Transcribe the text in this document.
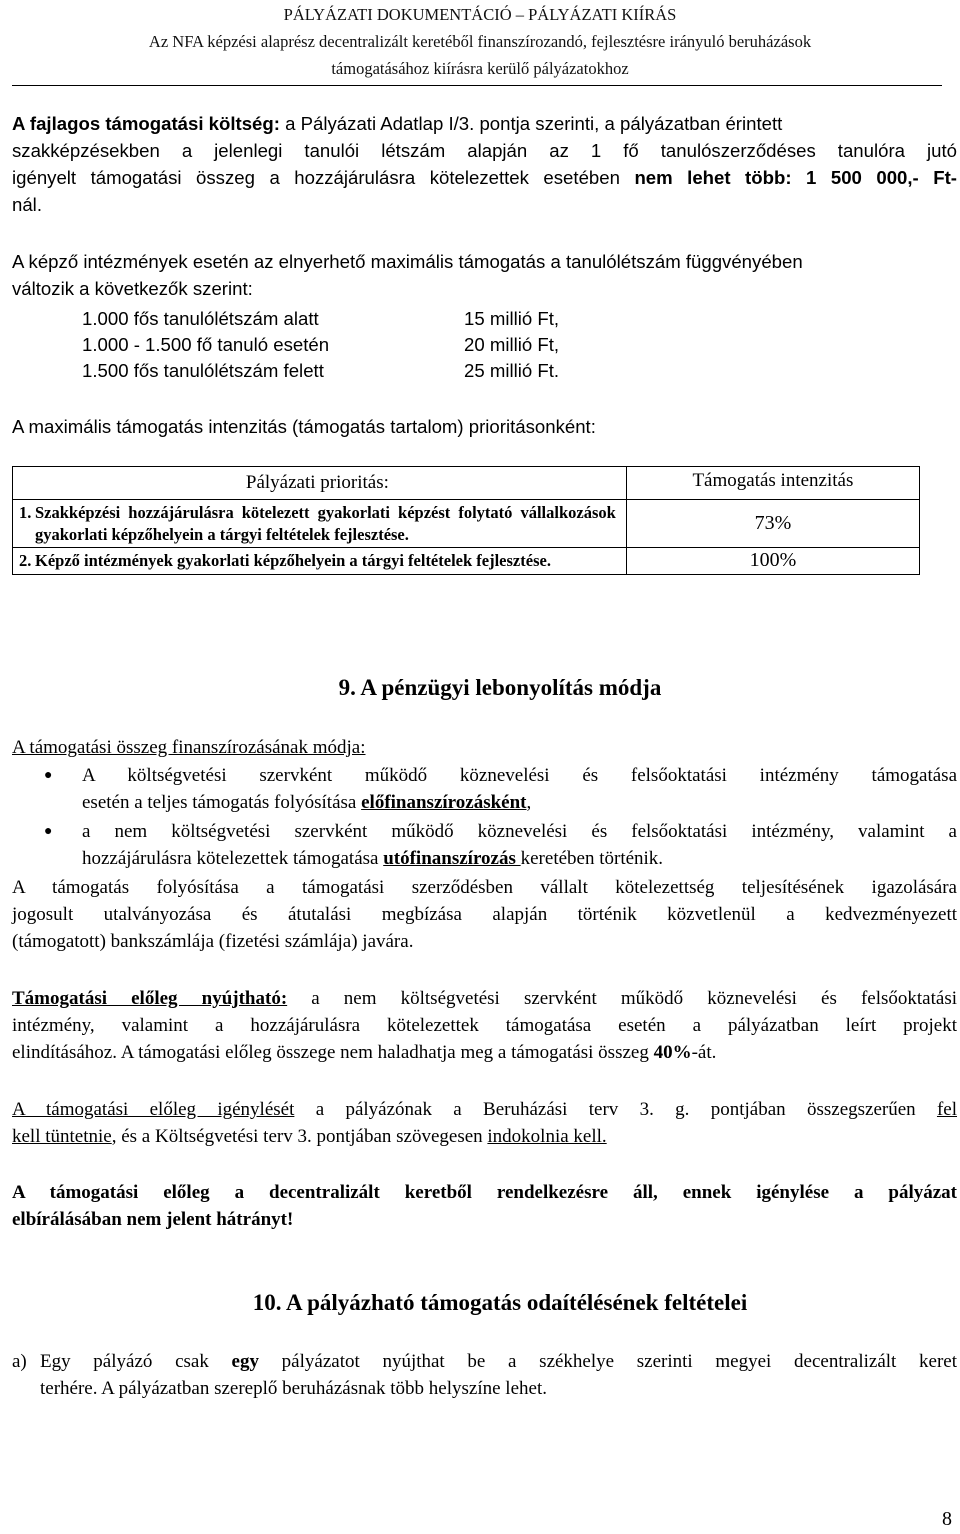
PÁLYÁZATI DOKUMENTÁCIÓ – PÁLYÁZATI KIÍRÁS
Az NFA képzési alaprész decentralizált keretéből finanszírozandó, fejlesztésre irányuló beruházások
támogatásához kiírásra kerülő pályázatokhoz
A fajlagos támogatási költség: a Pályázati Adatlap I/3. pontja szerinti, a pályázatban érintett
szakképzésekben a jelenlegi tanulói létszám alapján az 1 fő tanulószerződéses tanulóra jutó
igényelt támogatási összeg a hozzájárulásra kötelezettek esetében nem lehet több: 1 500 000,- Ft-
nál.
A képző intézmények esetén az elnyerhető maximális támogatás a tanulólétszám függvényében
változik a következők szerint:
1.000 fős tanulólétszám alatt	15 millió Ft,
1.000 - 1.500 fő tanuló esetén	20 millió Ft,
1.500 fős tanulólétszám felett	25 millió Ft.
A maximális támogatás intenzitás (támogatás tartalom) prioritásonként:
Pályázati prioritás:	Támogatás intenzitás

1. Szakképzési hozzájárulásra kötelezett gyakorlati képzést folytató vállalkozások gyakorlati képzőhelyein a tárgyi feltételek fejlesztése.	73%

2. Képző intézmények gyakorlati képzőhelyein a tárgyi feltételek fejlesztése.	100%
9. A pénzügyi lebonyolítás módja
A támogatási összeg finanszírozásának módja:
● A költségvetési szervként működő köznevelési és felsőoktatási intézmény támogatása
esetén a teljes támogatás folyósítása előfinanszírozásként,
● a nem költségvetési szervként működő köznevelési és felsőoktatási intézmény, valamint a
hozzájárulásra kötelezettek támogatása utófinanszírozás keretében történik.
A támogatás folyósítása a támogatási szerződésben vállalt kötelezettség teljesítésének igazolására
jogosult utalványozása és átutalási megbízása alapján történik közvetlenül a kedvezményezett
(támogatott) bankszámlája (fizetési számlája) javára.
Támogatási előleg nyújtható: a nem költségvetési szervként működő köznevelési és felsőoktatási
intézmény, valamint a hozzájárulásra kötelezettek támogatása esetén a pályázatban leírt projekt
elindításához. A támogatási előleg összege nem haladhatja meg a támogatási összeg 40%-át.
A támogatási előleg igénylését a pályázónak a Beruházási terv 3. g. pontjában összegszerűen fel
kell tüntetnie, és a Költségvetési terv 3. pontjában szövegesen indokolnia kell.
A támogatási előleg a decentralizált keretből rendelkezésre áll, ennek igénylése a pályázat
elbírálásában nem jelent hátrányt!
10. A pályázható támogatás odaítélésének feltételei
a) Egy pályázó csak egy pályázatot nyújthat be a székhelye szerinti megyei decentralizált keret
terhére. A pályázatban szereplő beruházásnak több helyszíne lehet.
8
